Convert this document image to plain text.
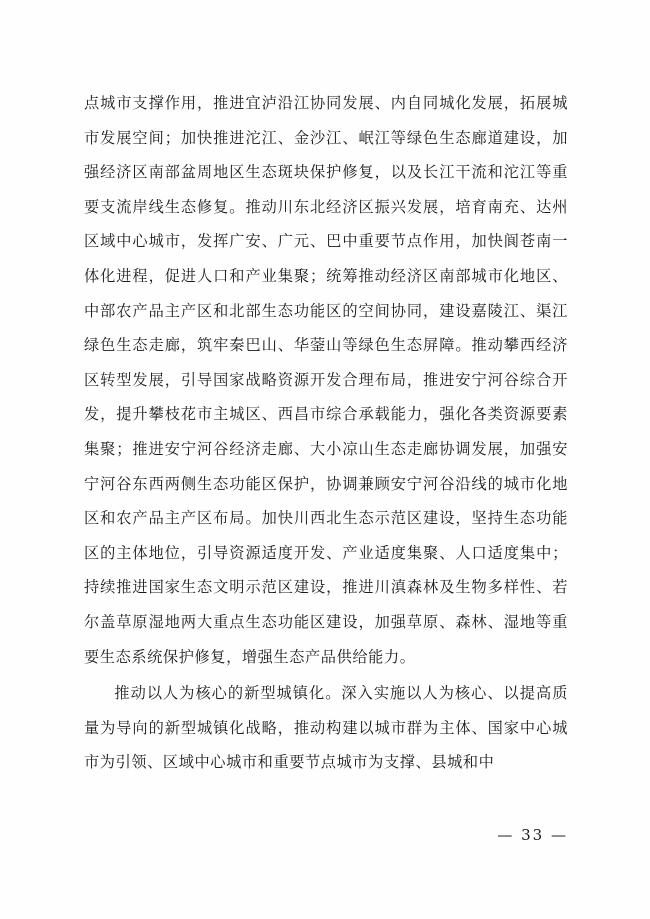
点城市支撑作用，推进宜泸沿江协同发展、内自同城化发展，拓展城市发展空间；加快推进沱江、金沙江、岷江等绿色生态廊道建设，加强经济区南部盆周地区生态斑块保护修复，以及长江干流和沱江等重要支流岸线生态修复。推动川东北经济区振兴发展，培育南充、达州区域中心城市，发挥广安、广元、巴中重要节点作用，加快阆苍南一体化进程，促进人口和产业集聚；统筹推动经济区南部城市化地区、中部农产品主产区和北部生态功能区的空间协同，建设嘉陵江、渠江绿色生态走廊，筑牢秦巴山、华蓥山等绿色生态屏障。推动攀西经济区转型发展，引导国家战略资源开发合理布局，推进安宁河谷综合开发，提升攀枝花市主城区、西昌市综合承载能力，强化各类资源要素集聚；推进安宁河谷经济走廊、大小凉山生态走廊协调发展，加强安宁河谷东西两侧生态功能区保护，协调兼顾安宁河谷沿线的城市化地区和农产品主产区布局。加快川西北生态示范区建设，坚持生态功能区的主体地位，引导资源适度开发、产业适度集聚、人口适度集中；持续推进国家生态文明示范区建设，推进川滇森林及生物多样性、若尔盖草原湿地两大重点生态功能区建设，加强草原、森林、湿地等重要生态系统保护修复，增强生态产品供给能力。

推动以人为核心的新型城镇化。深入实施以人为核心、以提高质量为导向的新型城镇化战略，推动构建以城市群为主体、国家中心城市为引领、区域中心城市和重要节点城市为支撑、县城和中

— 33 —
